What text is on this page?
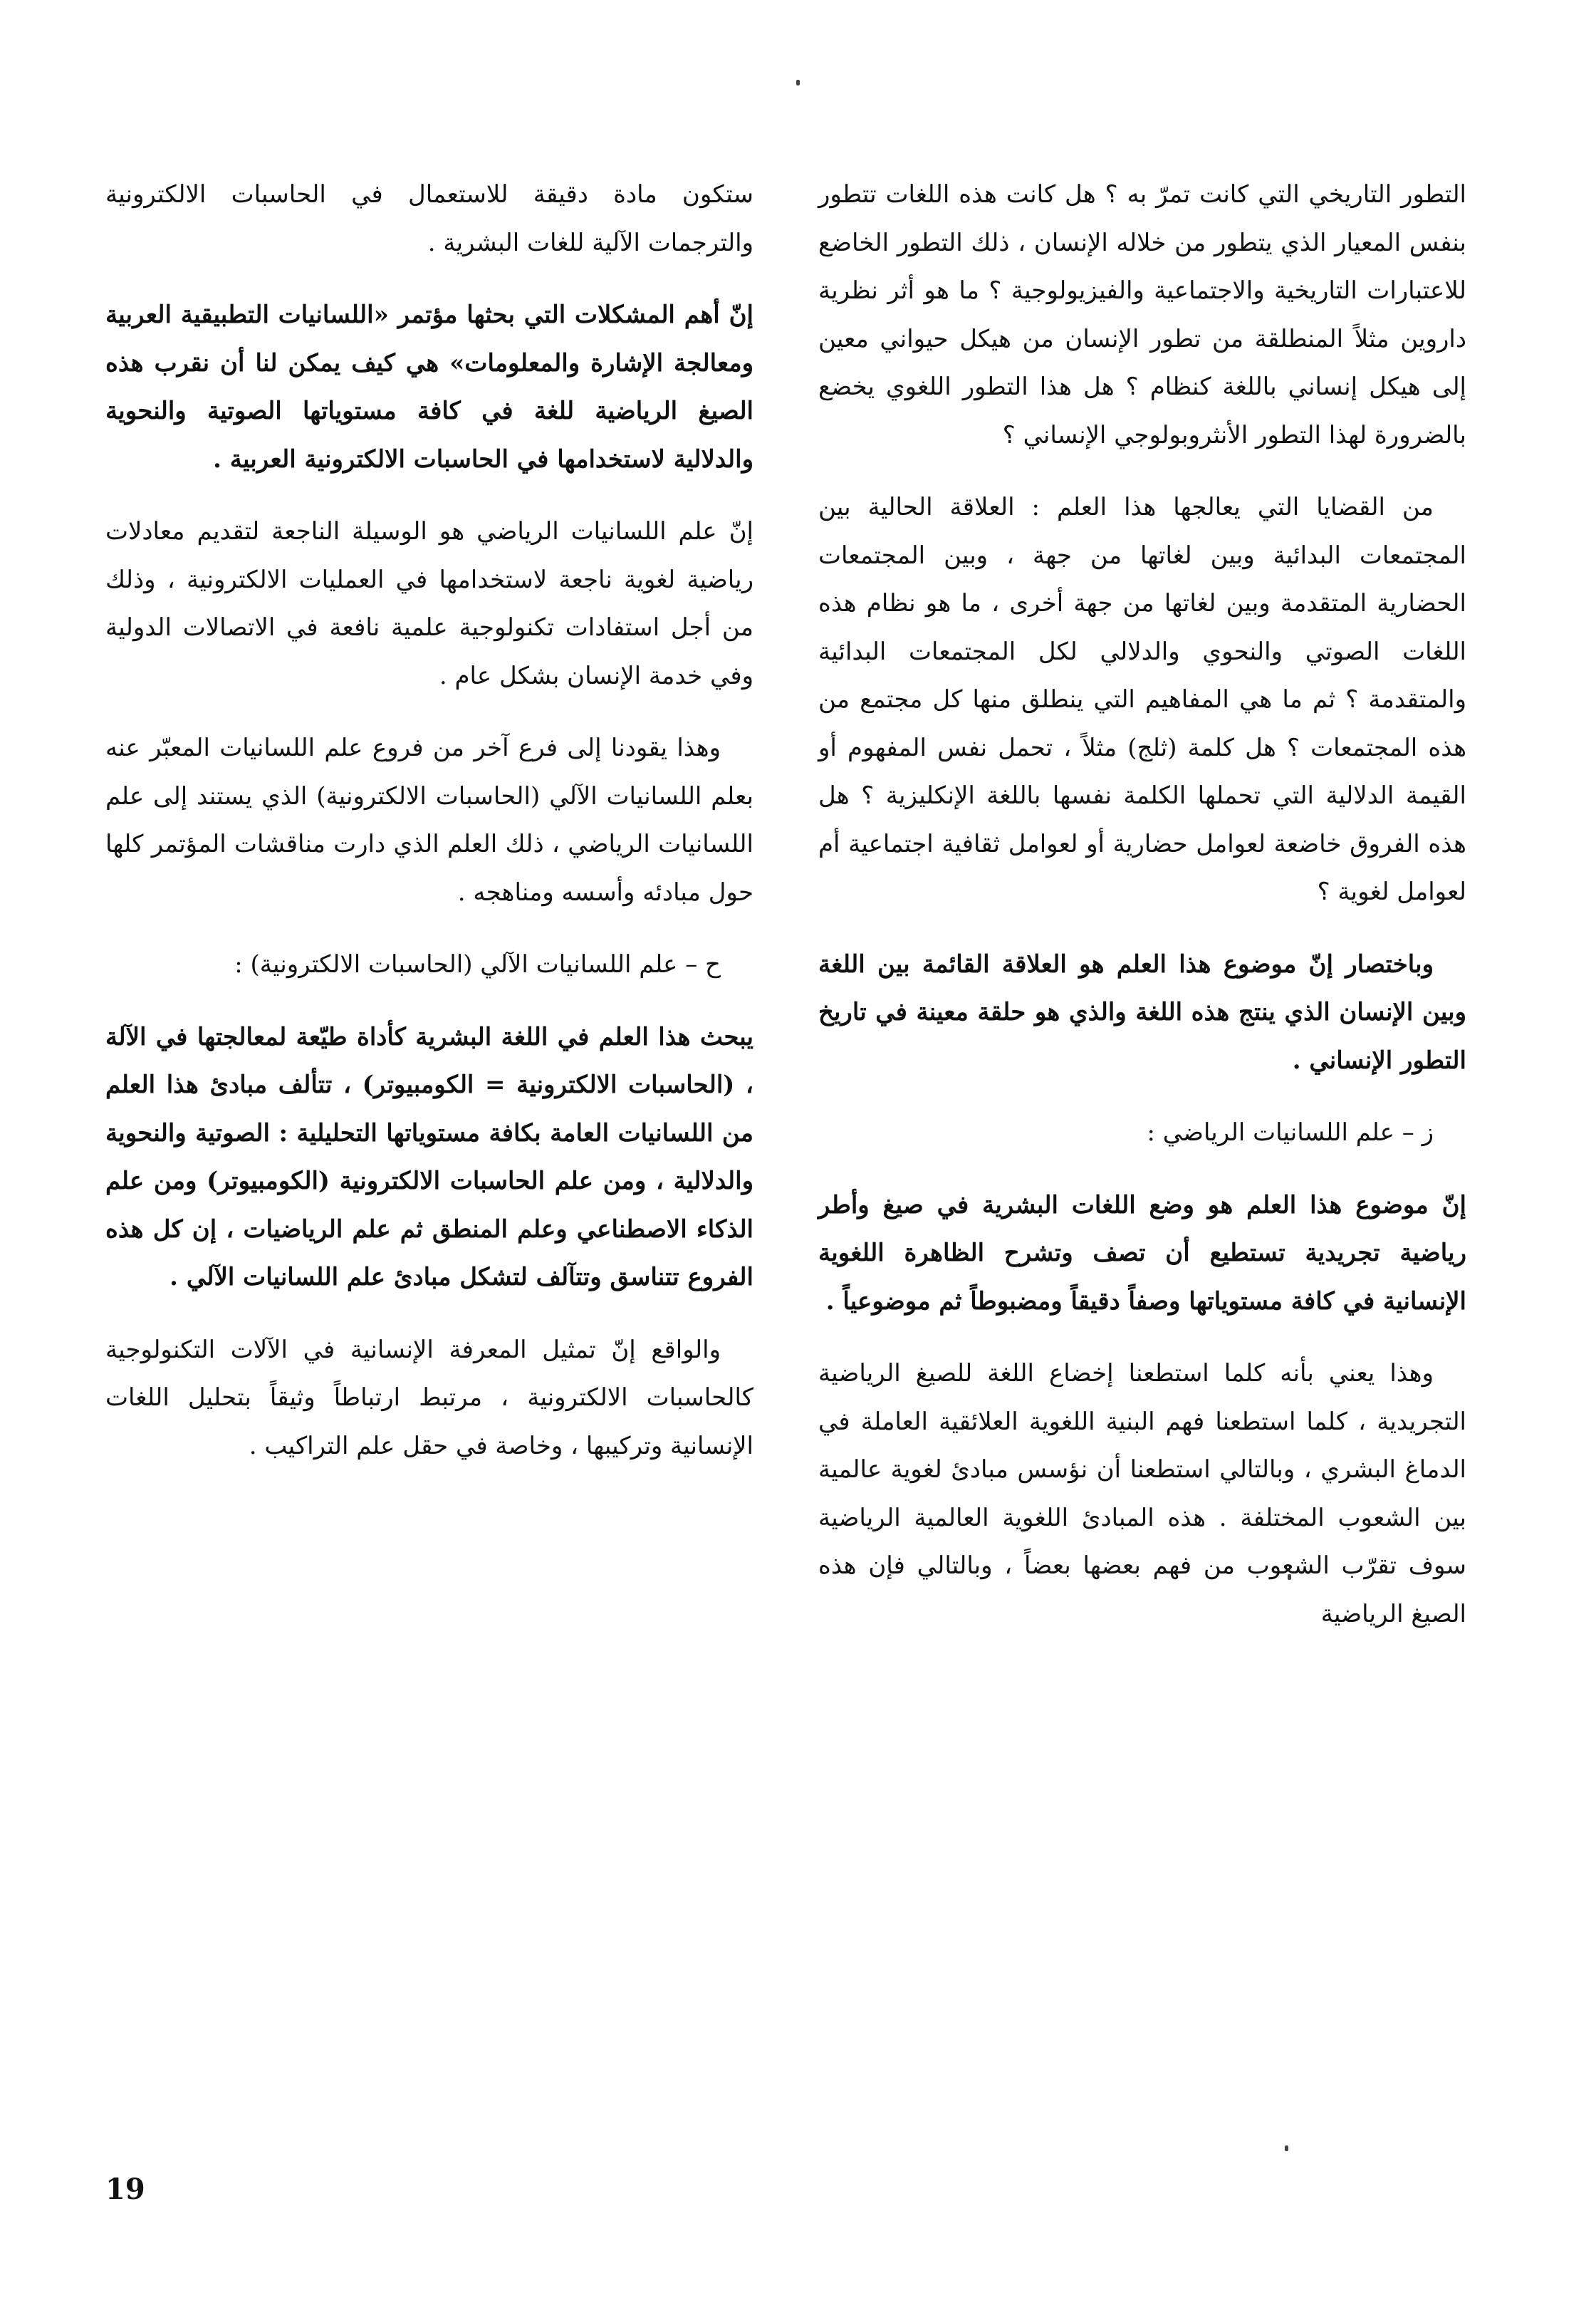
التطور التاريخي التي كانت تمرّ به ؟ هل كانت هذه اللغات تتطور بنفس المعيار الذي يتطور من خلاله الإنسان ، ذلك التطور الخاضع للاعتبارات التاريخية والاجتماعية والفيزيولوجية ؟ ما هو أثر نظرية داروين مثلاً المنطلقة من تطور الإنسان من هيكل حيواني معين إلى هيكل إنساني باللغة كنظام ؟ هل هذا التطور اللغوي يخضع بالضرورة لهذا التطور الأنثروبولوجي الإنساني ؟

من القضايا التي يعالجها هذا العلم : العلاقة الحالية بين المجتمعات البدائية وبين لغاتها من جهة ، وبين المجتمعات الحضارية المتقدمة وبين لغاتها من جهة أخرى ، ما هو نظام هذه اللغات الصوتي والنحوي والدلالي لكل المجتمعات البدائية والمتقدمة ؟ ثم ما هي المفاهيم التي ينطلق منها كل مجتمع من هذه المجتمعات ؟ هل كلمة (ثلج) مثلاً ، تحمل نفس المفهوم أو القيمة الدلالية التي تحملها الكلمة نفسها باللغة الإنكليزية ؟ هل هذه الفروق خاضعة لعوامل حضارية أو لعوامل ثقافية اجتماعية أم لعوامل لغوية ؟

وباختصار إنّ موضوع هذا العلم هو العلاقة القائمة بين اللغة وبين الإنسان الذي ينتج هذه اللغة والذي هو حلقة معينة في تاريخ التطور الإنساني .

ز – علم اللسانيات الرياضي :

إنّ موضوع هذا العلم هو وضع اللغات البشرية في صيغ وأطر رياضية تجريدية تستطيع أن تصف وتشرح الظاهرة اللغوية الإنسانية في كافة مستوياتها وصفاً دقيقاً ومضبوطاً ثم موضوعياً .

وهذا يعني بأنه كلما استطعنا إخضاع اللغة للصيغ الرياضية التجريدية ، كلما استطعنا فهم البنية اللغوية العلائقية العاملة في الدماغ البشري ، وبالتالي استطعنا أن نؤسس مبادئ لغوية عالمية بين الشعوب المختلفة . هذه المبادئ اللغوية العالمية الرياضية سوف تقرّب الشعوب من فهم بعضها بعضاً ، وبالتالي فإن هذه الصيغ الرياضية

ستكون مادة دقيقة للاستعمال في الحاسبات الالكترونية والترجمات الآلية للغات البشرية .

إنّ أهم المشكلات التي بحثها مؤتمر «اللسانيات التطبيقية العربية ومعالجة الإشارة والمعلومات» هي كيف يمكن لنا أن نقرب هذه الصيغ الرياضية للغة في كافة مستوياتها الصوتية والنحوية والدلالية لاستخدامها في الحاسبات الالكترونية العربية .

إنّ علم اللسانيات الرياضي هو الوسيلة الناجعة لتقديم معادلات رياضية لغوية ناجعة لاستخدامها في العمليات الالكترونية ، وذلك من أجل استفادات تكنولوجية علمية نافعة في الاتصالات الدولية وفي خدمة الإنسان بشكل عام .

وهذا يقودنا إلى فرع آخر من فروع علم اللسانيات المعبّر عنه بعلم اللسانيات الآلي (الحاسبات الالكترونية) الذي يستند إلى علم اللسانيات الرياضي ، ذلك العلم الذي دارت مناقشات المؤتمر كلها حول مبادئه وأسسه ومناهجه .

ح – علم اللسانيات الآلي (الحاسبات الالكترونية) :

يبحث هذا العلم في اللغة البشرية كأداة طيّعة لمعالجتها في الآلة ، (الحاسبات الالكترونية = الكومبيوتر) ، تتألف مبادئ هذا العلم من اللسانيات العامة بكافة مستوياتها التحليلية : الصوتية والنحوية والدلالية ، ومن علم الحاسبات الالكترونية (الكومبيوتر) ومن علم الذكاء الاصطناعي وعلم المنطق ثم علم الرياضيات ، إن كل هذه الفروع تتناسق وتتآلف لتشكل مبادئ علم اللسانيات الآلي .

والواقع إنّ تمثيل المعرفة الإنسانية في الآلات التكنولوجية كالحاسبات الالكترونية ، مرتبط ارتباطاً وثيقاً بتحليل اللغات الإنسانية وتركيبها ، وخاصة في حقل علم التراكيب .

19
